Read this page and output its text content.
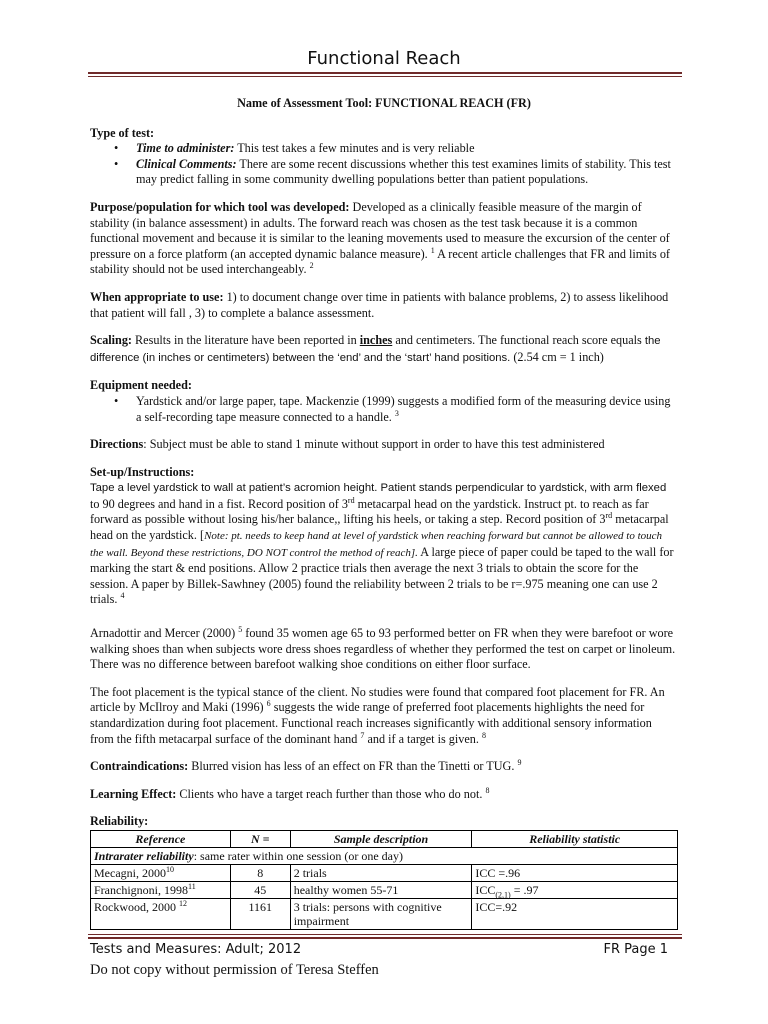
Functional Reach

Name of Assessment Tool: FUNCTIONAL REACH (FR)

Type of test:
• Time to administer: This test takes a few minutes and is very reliable
• Clinical Comments: There are some recent discussions whether this test examines limits of stability. This test may predict falling in some community dwelling populations better than patient populations.

Purpose/population for which tool was developed: Developed as a clinically feasible measure of the margin of stability (in balance assessment) in adults. The forward reach was chosen as the test task because it is a common functional movement and because it is similar to the leaning movements used to measure the excursion of the center of pressure on a force platform (an accepted dynamic balance measure). $^1$ A recent article challenges that FR and limits of stability should not be used interchangeably. $^2$

When appropriate to use: 1) to document change over time in patients with balance problems, 2) to assess likelihood that patient will fall , 3) to complete a balance assessment.

Scaling: Results in the literature have been reported in inches and centimeters. The functional reach score equals the difference (in inches or centimeters) between the ‘end’ and the ‘start’ hand positions. (2.54 cm = 1 inch)

Equipment needed:
• Yardstick and/or large paper, tape. Mackenzie (1999) suggests a modified form of the measuring device using a self-recording tape measure connected to a handle. $^3$

Directions: Subject must be able to stand 1 minute without support in order to have this test administered

Set-up/Instructions:
Tape a level yardstick to wall at patient’s acromion height. Patient stands perpendicular to yardstick, with arm flexed to 90 degrees and hand in a fist. Record position of 3rd metacarpal head on the yardstick. Instruct pt. to reach as far forward as possible without losing his/her balance,, lifting his heels, or taking a step. Record position of 3rd metacarpal head on the yardstick. [Note: pt. needs to keep hand at level of yardstick when reaching forward but cannot be allowed to touch the wall. Beyond these restrictions, DO NOT control the method of reach]. A large piece of paper could be taped to the wall for marking the start & end positions. Allow 2 practice trials then average the next 3 trials to obtain the score for the session. A paper by Billek-Sawhney (2005) found the reliability between 2 trials to be r=.975 meaning one can use 2 trials. $^4$

Arnadottir and Mercer (2000) $^5$ found 35 women age 65 to 93 performed better on FR when they were barefoot or wore walking shoes than when subjects wore dress shoes regardless of whether they performed the test on carpet or linoleum. There was no difference between barefoot walking shoe conditions on either floor surface.

The foot placement is the typical stance of the client. No studies were found that compared foot placement for FR. An article by McIlroy and Maki (1996) $^6$ suggests the wide range of preferred foot placements highlights the need for standardization during foot placement. Functional reach increases significantly with additional sensory information from the fifth metacarpal surface of the dominant hand $^7$ and if a target is given. $^8$

Contraindications: Blurred vision has less of an effect on FR than the Tinetti or TUG. $^9$

Learning Effect: Clients who have a target reach further than those who do not. $^8$

Reliability:
Reference	N =	Sample description	Reliability statistic
Intrarater reliability: same rater within one session (or one day)			
Mecagni, 2000$^{10}$	8	2 trials	ICC =.96
Franchignoni, 1998$^{11}$	45	healthy women 55-71	$ICC_{(2,1)} = .97$
Rockwood, 2000 $^{12}$	1161	3 trials: persons with cognitive impairment	ICC=.92
Tests and Measures: Adult; 2012	FR Page 1
Do not copy without permission of Teresa Steffen
